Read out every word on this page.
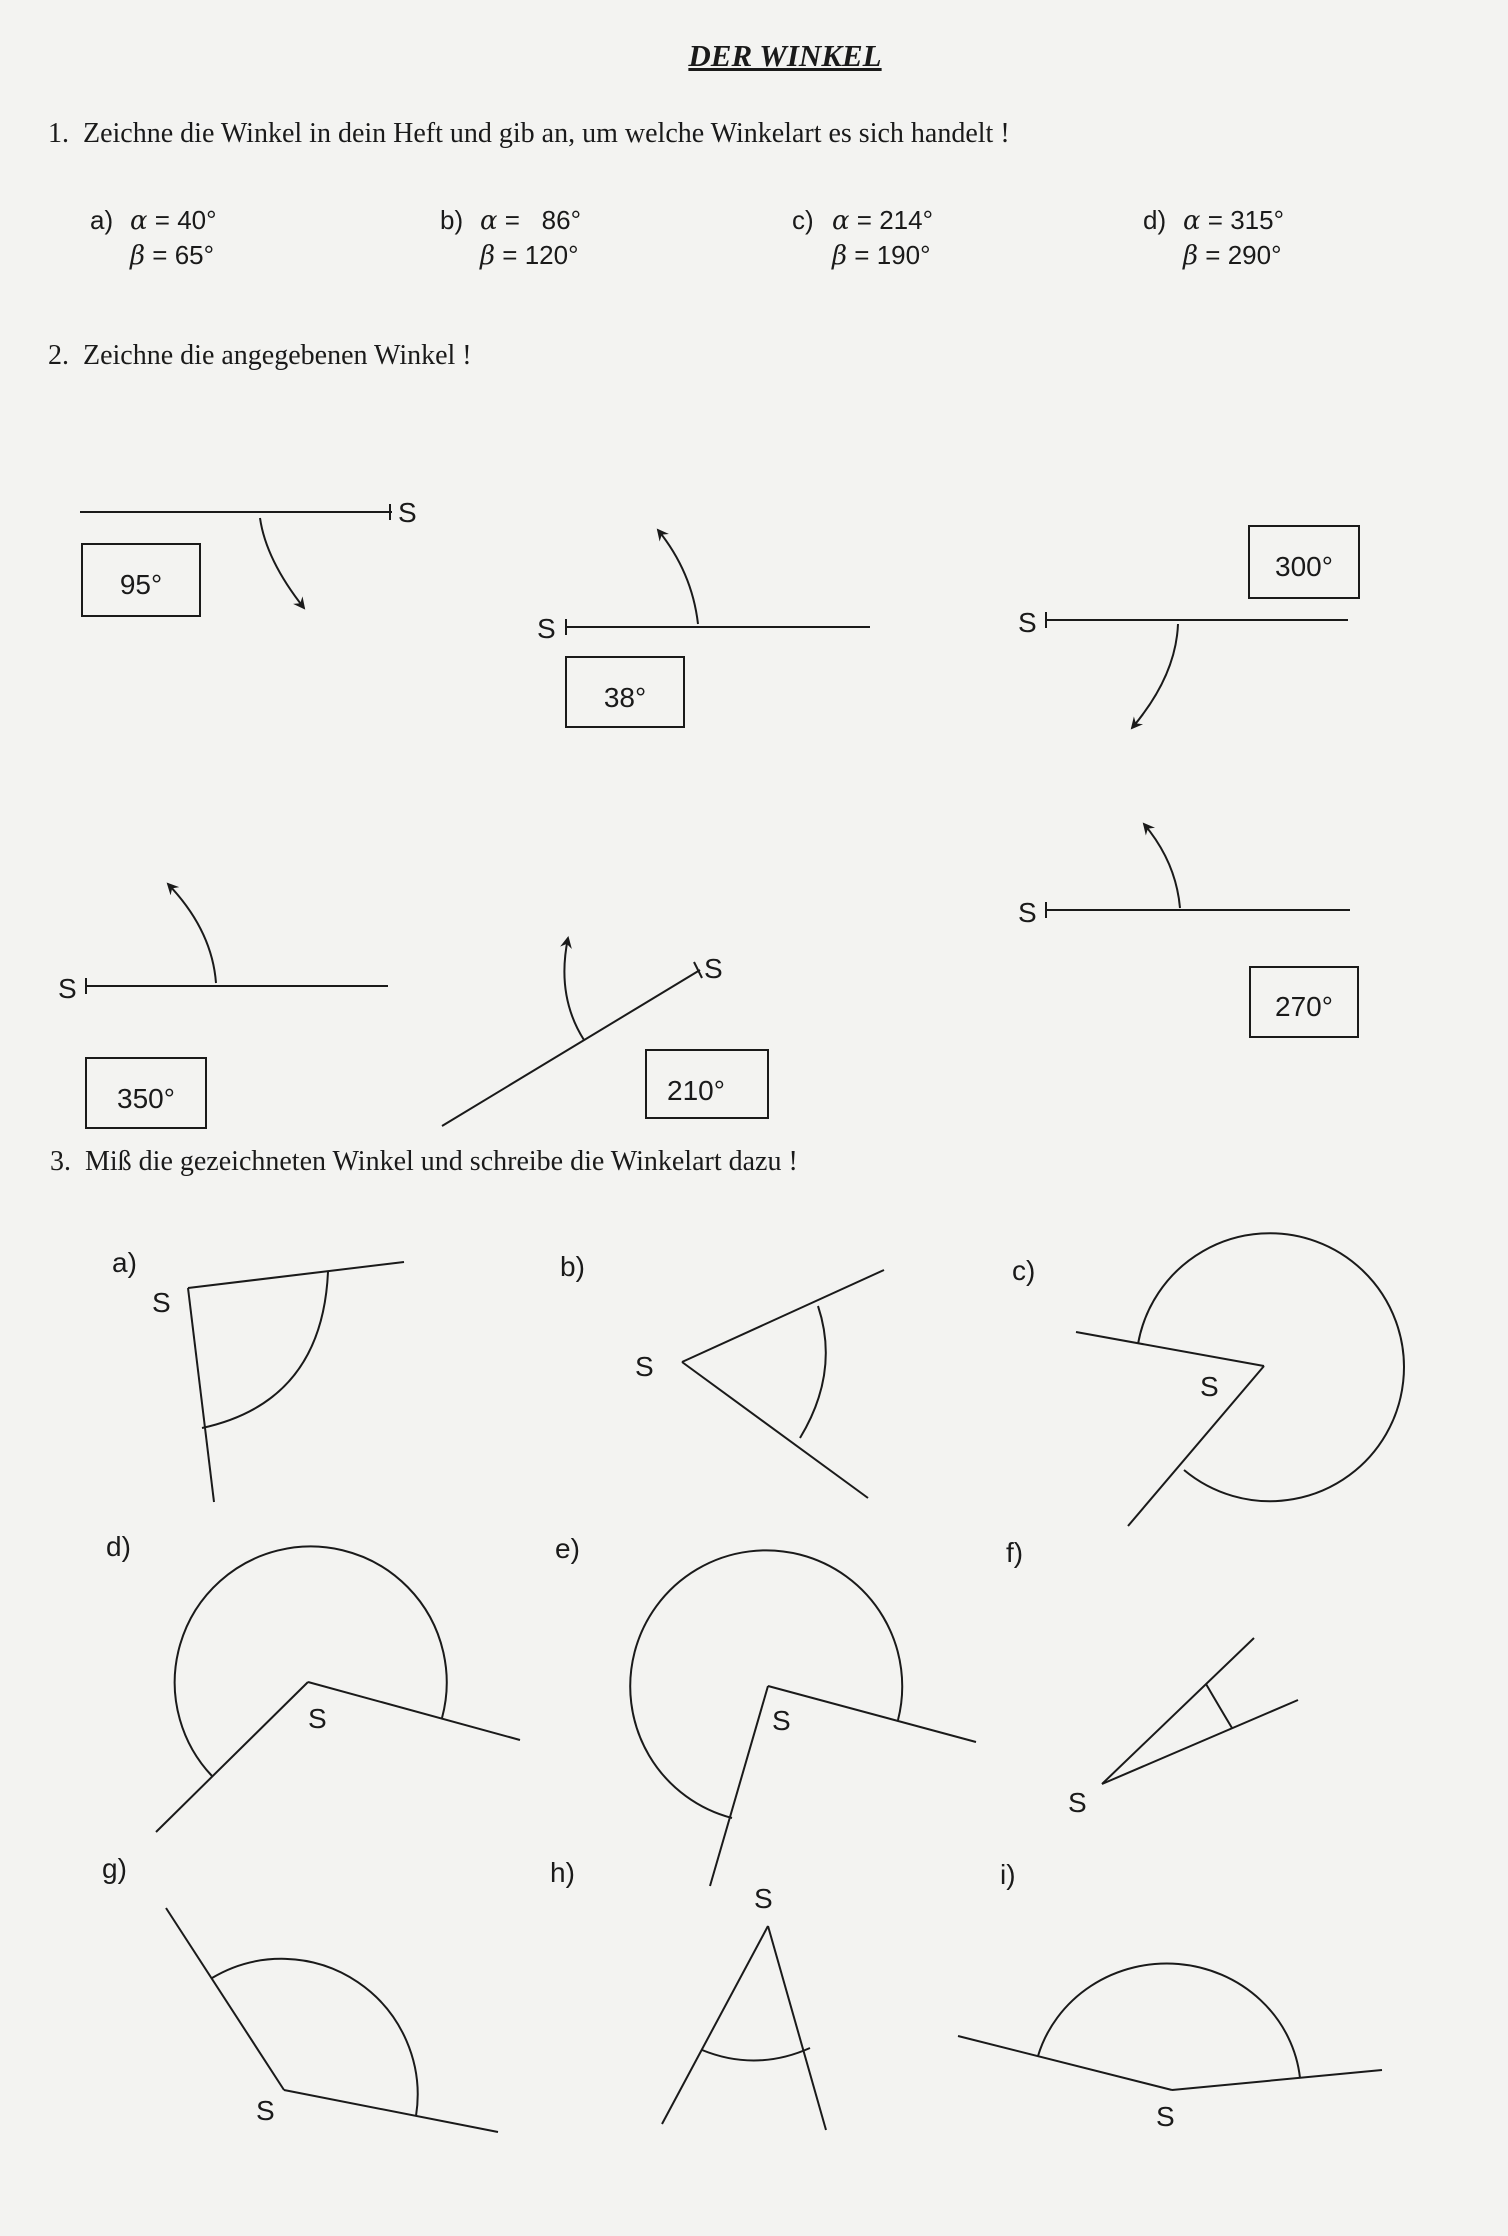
DER WINKEL
1. Zeichne die Winkel in dein Heft und gib an, um welche Winkelart es sich handelt !
a) α = 40°
β = 65°
b) α = 86°
β = 120°
c) α = 214°
β = 190°
d) α = 315°
β = 290°
2. Zeichne die angegebenen Winkel !
3. Miß die gezeichneten Winkel und schreibe die Winkelart dazu !
S
95°
S
38°
S
300°
S
270°
S
350°
S
210°
a)
S
b)
S
c)
S
d)
S
e)
S
f)
S
g)
S
h)
S
i)
S
